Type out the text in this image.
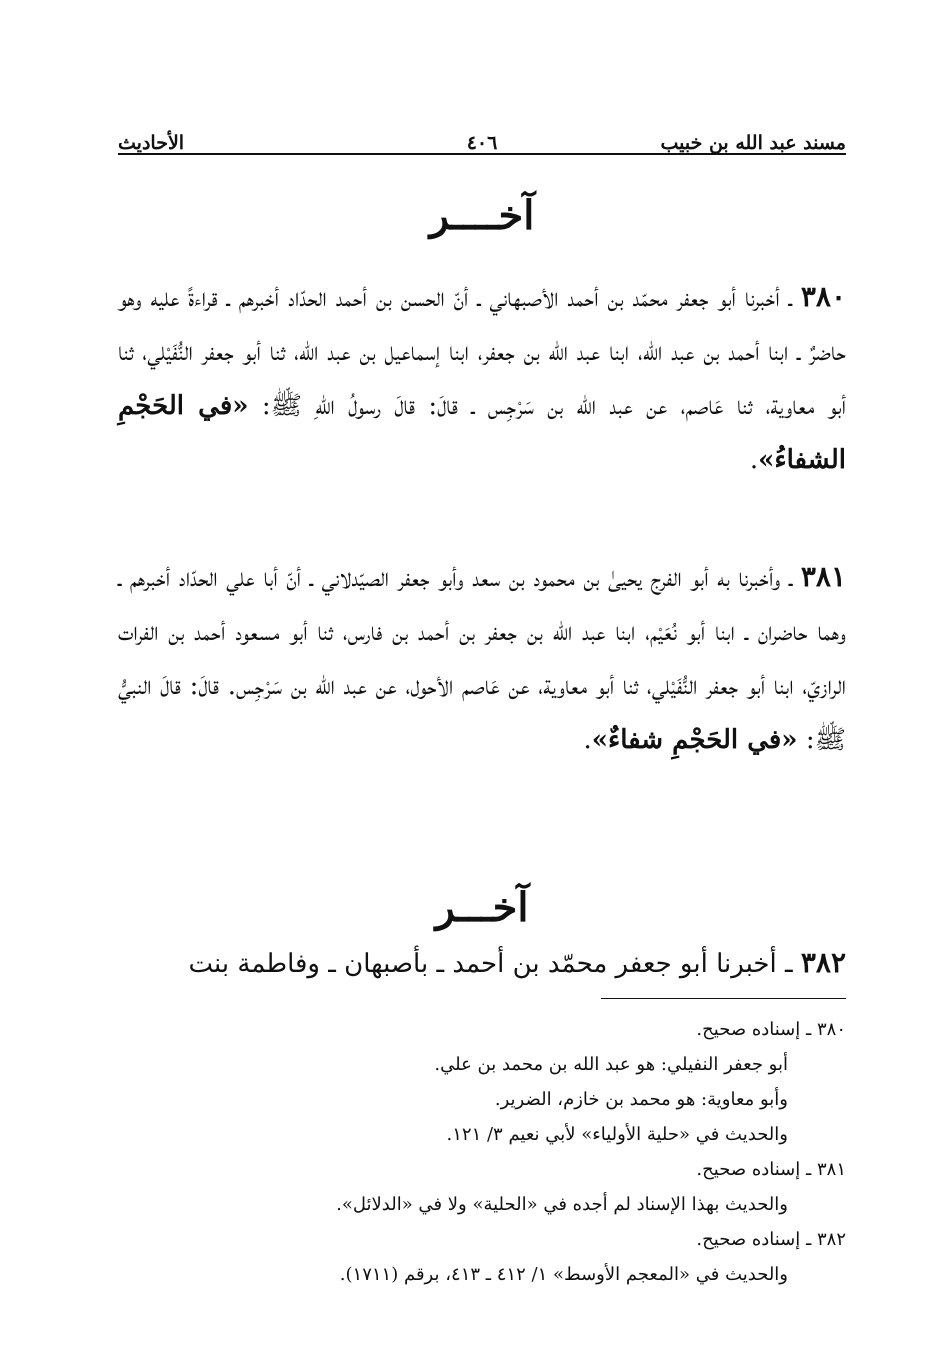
مسند عبد الله بن خبيب
٤٠٦
الأحاديث
آخــــر
٣٨٠ ـ أخبرنا أبو جعفر محمّد بن أحمد الأصبهاني ـ أنّ الحسن بن أحمد الحدّاد أخبرهم ـ قراءةً عليه وهو حاضرٌ ـ ابنا أحمد بن عبد الله، ابنا عبد الله بن جعفر، ابنا إسماعيل بن عبد الله، ثنا أبو جعفر النُّفَيْلي، ثنا أبو معاوية، ثنا عَاصم، عن عبد الله بن سَرْجِس ـ قالَ: قالَ رسولُ اللّهِ ﷺ: «في الحَجْمِ الشفاءُ».
٣٨١ ـ وأخبرنا به أبو الفرج يحيىٰ بن محمود بن سعد وأبو جعفر الصيّدلاني ـ أنّ أبا علي الحدّاد أخبرهم ـ وهما حاضران ـ ابنا أبو نُعَيْم، ابنا عبد الله بن جعفر بن أحمد بن فارس، ثنا أبو مسعود أحمد بن الفرات الرازيّ، ابنا أبو جعفر النُّفَيْلي، ثنا أبو معاوية، عن عَاصم الأحول، عن عبد الله بن سَرْجِس. قالَ: قالَ النبيُّ ﷺ: «في الحَجْمِ شفاءٌ».
آخـــر
٣٨٢ ـ أخبرنا أبو جعفر محمّد بن أحمد ـ بأصبهان ـ وفاطمة بنت
٣٨٠ ـ إسناده صحيح.
أبو جعفر النفيلي: هو عبد الله بن محمد بن علي.
وأبو معاوية: هو محمد بن خازم، الضرير.
والحديث في «حلية الأولياء» لأبي نعيم ٣/ ١٢١.
٣٨١ ـ إسناده صحيح.
والحديث بهذا الإسناد لم أجده في «الحلية» ولا في «الدلائل».
٣٨٢ ـ إسناده صحيح.
والحديث في «المعجم الأوسط» ١/ ٤١٢ ـ ٤١٣، برقم (١٧١١).
